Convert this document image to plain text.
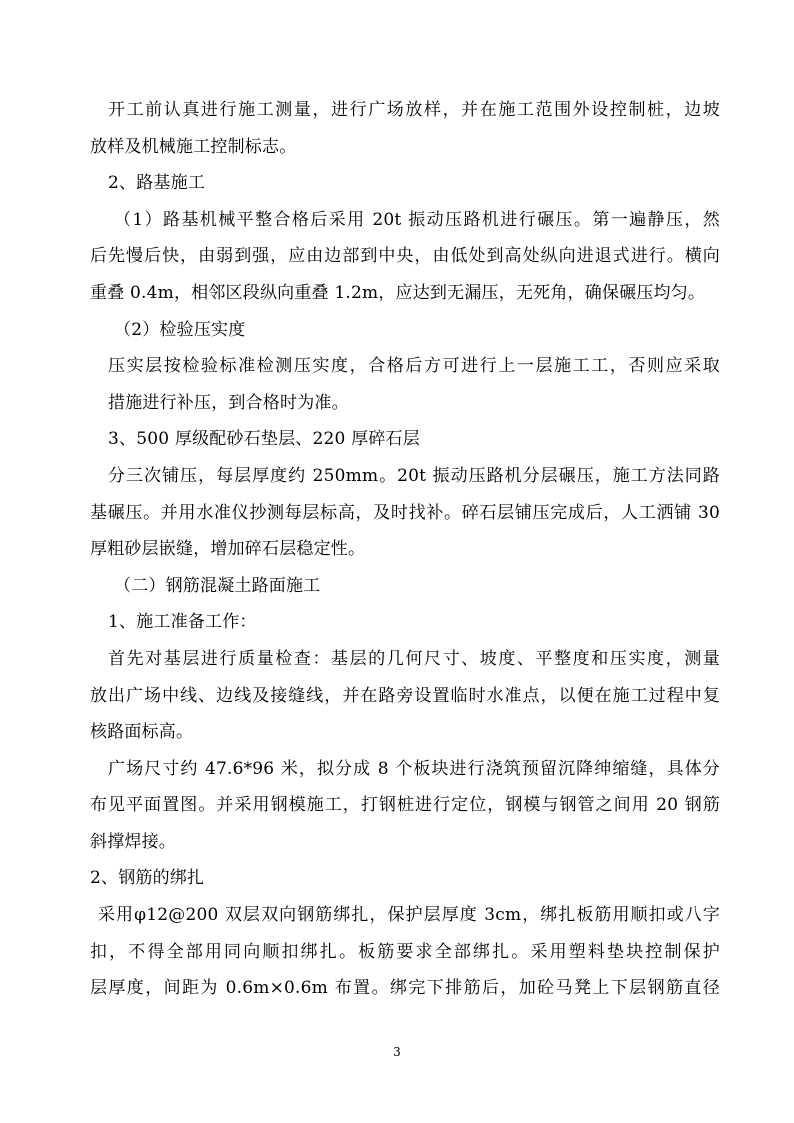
开工前认真进行施工测量，进行广场放样，并在施工范围外设控制桩，边坡
放样及机械施工控制标志。
2、路基施工
（1）路基机械平整合格后采用 20t 振动压路机进行碾压。第一遍静压，然
后先慢后快，由弱到强，应由边部到中央，由低处到高处纵向进退式进行。横向
重叠 0.4m，相邻区段纵向重叠 1.2m，应达到无漏压，无死角，确保碾压均匀。
（2）检验压实度
压实层按检验标准检测压实度，合格后方可进行上一层施工工，否则应采取
措施进行补压，到合格时为准。
3、500 厚级配砂石垫层、220 厚碎石层
分三次铺压，每层厚度约 250mm。20t 振动压路机分层碾压，施工方法同路
基碾压。并用水准仪抄测每层标高，及时找补。碎石层铺压完成后，人工洒铺 30
厚粗砂层嵌缝，增加碎石层稳定性。
（二）钢筋混凝土路面施工
1、施工准备工作：
首先对基层进行质量检查：基层的几何尺寸、坡度、平整度和压实度，测量
放出广场中线、边线及接缝线，并在路旁设置临时水准点，以便在施工过程中复
核路面标高。
广场尺寸约 47.6*96 米，拟分成 8 个板块进行浇筑预留沉降绅缩缝，具体分
布见平面置图。并采用钢模施工，打钢桩进行定位，钢模与钢管之间用 20 钢筋
斜撑焊接。
2、钢筋的绑扎
采用φ12@200 双层双向钢筋绑扎，保护层厚度 3cm，绑扎板筋用顺扣或八字
扣，不得全部用同向顺扣绑扎。板筋要求全部绑扎。采用塑料垫块控制保护
层厚度，间距为 0.6m×0.6m 布置。绑完下排筋后，加砼马凳上下层钢筋直径
3
